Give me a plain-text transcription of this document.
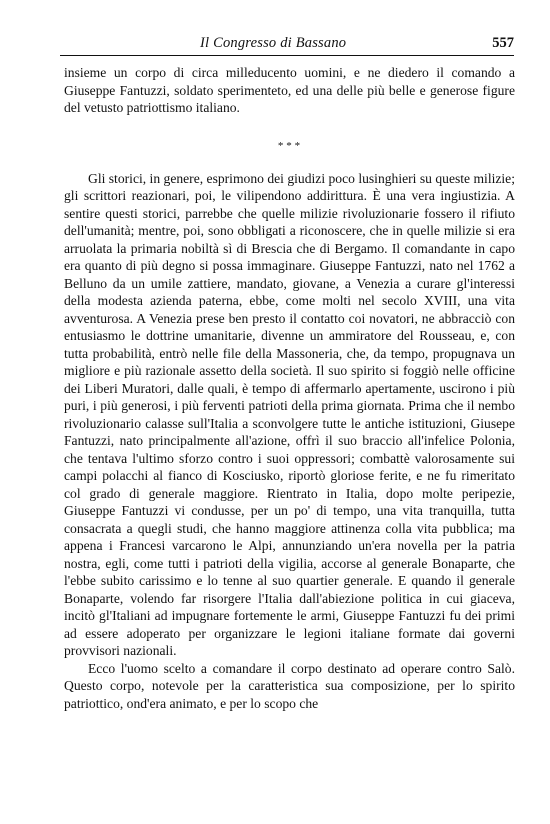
Il Congresso di Bassano	557

insieme un corpo di circa milleducento uomini, e ne diedero il comando a Giuseppe Fantuzzi, soldato sperimenteto, ed una delle più belle e generose figure del vetusto patriottismo italiano.

* * *

Gli storici, in genere, esprimono dei giudizi poco lusinghieri su queste milizie; gli scrittori reazionari, poi, le vilipendono addirittura. È una vera ingiustizia. A sentire questi storici, parrebbe che quelle milizie rivoluzionarie fossero il rifiuto dell'umanità; mentre, poi, sono obbligati a riconoscere, che in quelle milizie si era arruolata la primaria nobiltà sì di Brescia che di Bergamo. Il comandante in capo era quanto di più degno si possa immaginare. Giuseppe Fantuzzi, nato nel 1762 a Belluno da un umile zattiere, mandato, giovane, a Venezia a curare gl'interessi della modesta azienda paterna, ebbe, come molti nel secolo XVIII, una vita avventurosa. A Venezia prese ben presto il contatto coi novatori, ne abbracciò con entusiasmo le dottrine umanitarie, divenne un ammiratore del Rousseau, e, con tutta probabilità, entrò nelle file della Massoneria, che, da tempo, propugnava un migliore e più razionale assetto della società. Il suo spirito si foggiò nelle officine dei Liberi Muratori, dalle quali, è tempo di affermarlo apertamente, uscirono i più puri, i più generosi, i più ferventi patrioti della prima giornata. Prima che il nembo rivoluzionario calasse sull'Italia a sconvolgere tutte le antiche istituzioni, Giusepe Fantuzzi, nato principalmente all'azione, offrì il suo braccio all'infelice Polonia, che tentava l'ultimo sforzo contro i suoi oppressori; combattè valorosamente sui campi polacchi al fianco di Kosciusko, riportò gloriose ferite, e ne fu rimeritato col grado di generale maggiore. Rientrato in Italia, dopo molte peripezie, Giuseppe Fantuzzi vi condusse, per un po' di tempo, una vita tranquilla, tutta consacrata a quegli studi, che hanno maggiore attinenza colla vita pubblica; ma appena i Francesi varcarono le Alpi, annunziando un'era novella per la patria nostra, egli, come tutti i patrioti della vigilia, accorse al generale Bonaparte, che l'ebbe subito carissimo e lo tenne al suo quartier generale. E quando il generale Bonaparte, volendo far risorgere l'Italia dall'abiezione politica in cui giaceva, incitò gl'Italiani ad impugnare fortemente le armi, Giuseppe Fantuzzi fu dei primi ad essere adoperato per organizzare le legioni italiane formate dai governi provvisori nazionali.

Ecco l'uomo scelto a comandare il corpo destinato ad operare contro Salò. Questo corpo, notevole per la caratteristica sua composizione, per lo spirito patriottico, ond'era animato, e per lo scopo che
